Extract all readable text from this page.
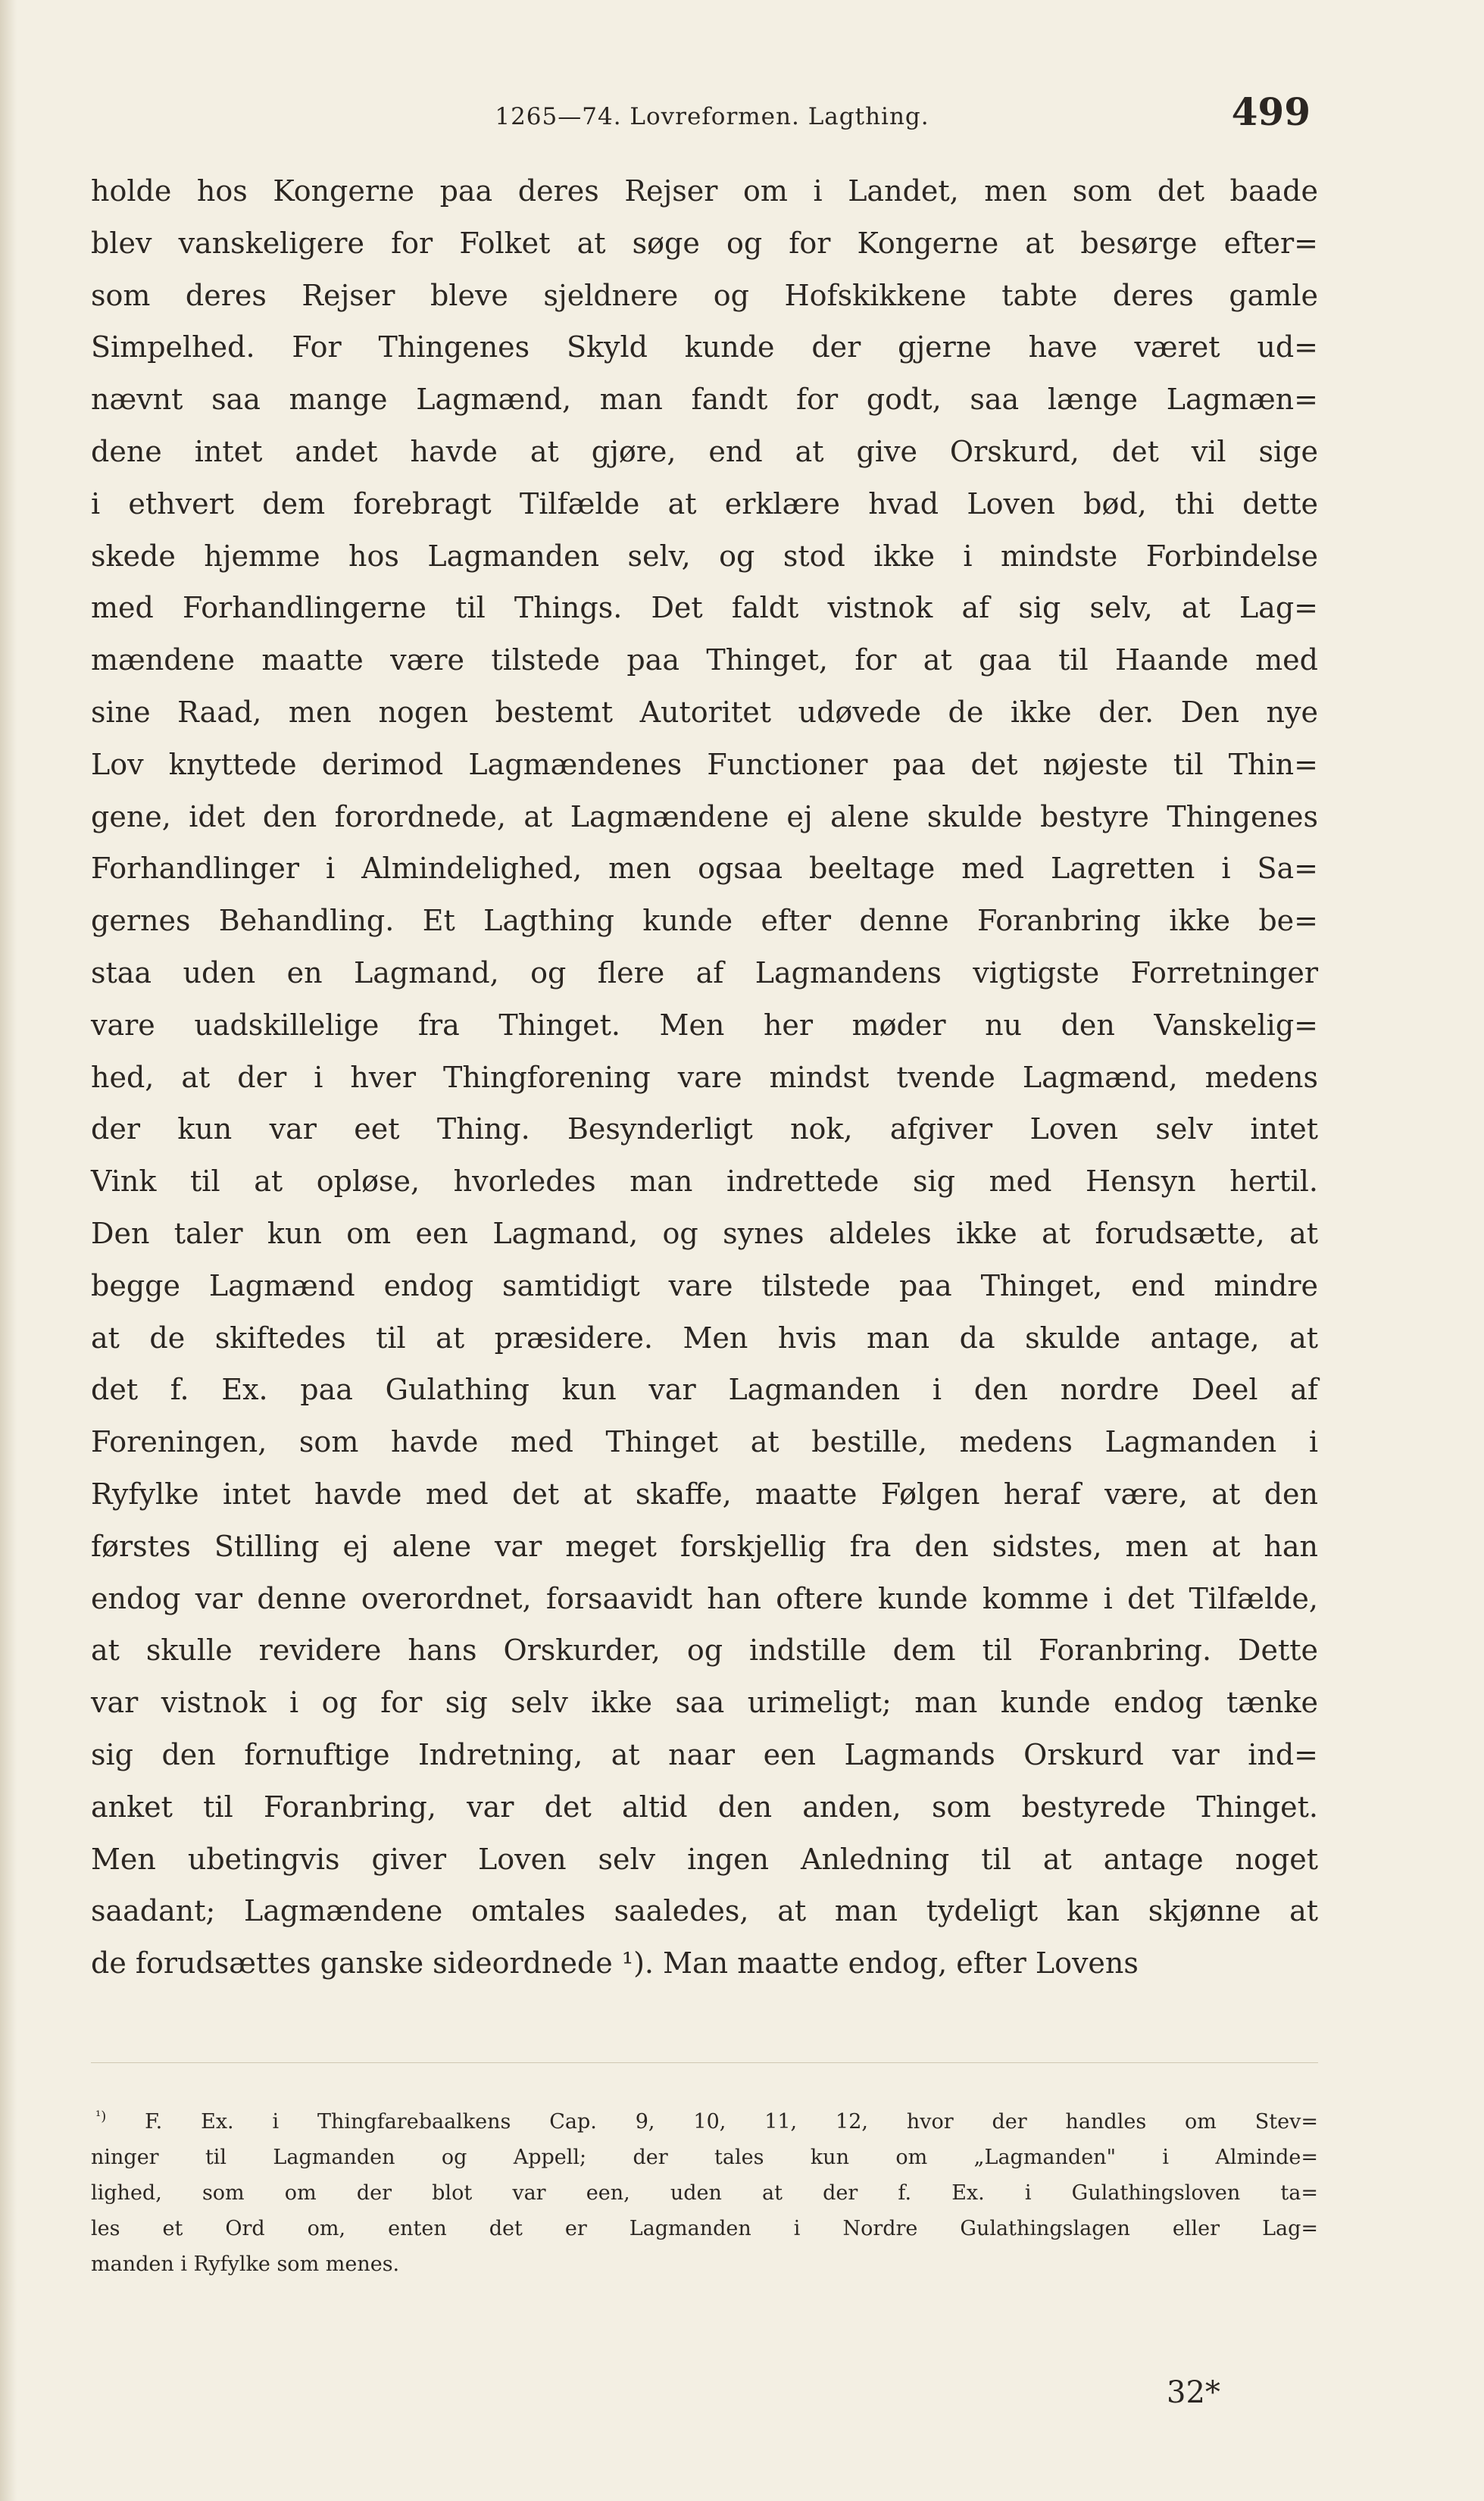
1265—74. Lovreformen. Lagthing.	499
holde hos Kongerne paa deres Rejser om i Landet, men som det baade
blev vanskeligere for Folket at søge og for Kongerne at besørge efter=
som deres Rejser bleve sjeldnere og Hofskikkene tabte deres gamle
Simpelhed. For Thingenes Skyld kunde der gjerne have været ud=
nævnt saa mange Lagmænd, man fandt for godt, saa længe Lagmæn=
dene intet andet havde at gjøre, end at give Orskurd, det vil sige
i ethvert dem forebragt Tilfælde at erklære hvad Loven bød, thi dette
skede hjemme hos Lagmanden selv, og stod ikke i mindste Forbindelse
med Forhandlingerne til Things. Det faldt vistnok af sig selv, at Lag=
mændene maatte være tilstede paa Thinget, for at gaa til Haande med
sine Raad, men nogen bestemt Autoritet udøvede de ikke der. Den nye
Lov knyttede derimod Lagmændenes Functioner paa det nøjeste til Thin=
gene, idet den forordnede, at Lagmændene ej alene skulde bestyre Thingenes
Forhandlinger i Almindelighed, men ogsaa beeltage med Lagretten i Sa=
gernes Behandling. Et Lagthing kunde efter denne Foranbring ikke be=
staa uden en Lagmand, og flere af Lagmandens vigtigste Forretninger
vare uadskillelige fra Thinget. Men her møder nu den Vanskelig=
hed, at der i hver Thingforening vare mindst tvende Lagmænd, medens
der kun var eet Thing. Besynderligt nok, afgiver Loven selv intet
Vink til at opløse, hvorledes man indrettede sig med Hensyn hertil.
Den taler kun om een Lagmand, og synes aldeles ikke at forudsætte, at
begge Lagmænd endog samtidigt vare tilstede paa Thinget, end mindre
at de skiftedes til at præsidere. Men hvis man da skulde antage, at
det f. Ex. paa Gulathing kun var Lagmanden i den nordre Deel af
Foreningen, som havde med Thinget at bestille, medens Lagmanden i
Ryfylke intet havde med det at skaffe, maatte Følgen heraf være, at den
førstes Stilling ej alene var meget forskjellig fra den sidstes, men at han
endog var denne overordnet, forsaavidt han oftere kunde komme i det Tilfælde,
at skulle revidere hans Orskurder, og indstille dem til Foranbring. Dette
var vistnok i og for sig selv ikke saa urimeligt; man kunde endog tænke
sig den fornuftige Indretning, at naar een Lagmands Orskurd var ind=
anket til Foranbring, var det altid den anden, som bestyrede Thinget.
Men ubetingvis giver Loven selv ingen Anledning til at antage noget
saadant; Lagmændene omtales saaledes, at man tydeligt kan skjønne at
de forudsættes ganske sideordnede ¹). Man maatte endog, efter Lovens
$^{^1)}$ F. Ex. i Thingfarebaalkens Cap. 9, 10, 11, 12, hvor der handles om Stev=
ninger til Lagmanden og Appell; der tales kun om „Lagmanden" i Almindе=
lighed, som om der blot var een, uden at der f. Ex. i Gulathingsloven ta=
les et Ord om, enten det er Lagmanden i Nordre Gulathingslagen eller Lag=
manden i Ryfylke som menes.
32*
